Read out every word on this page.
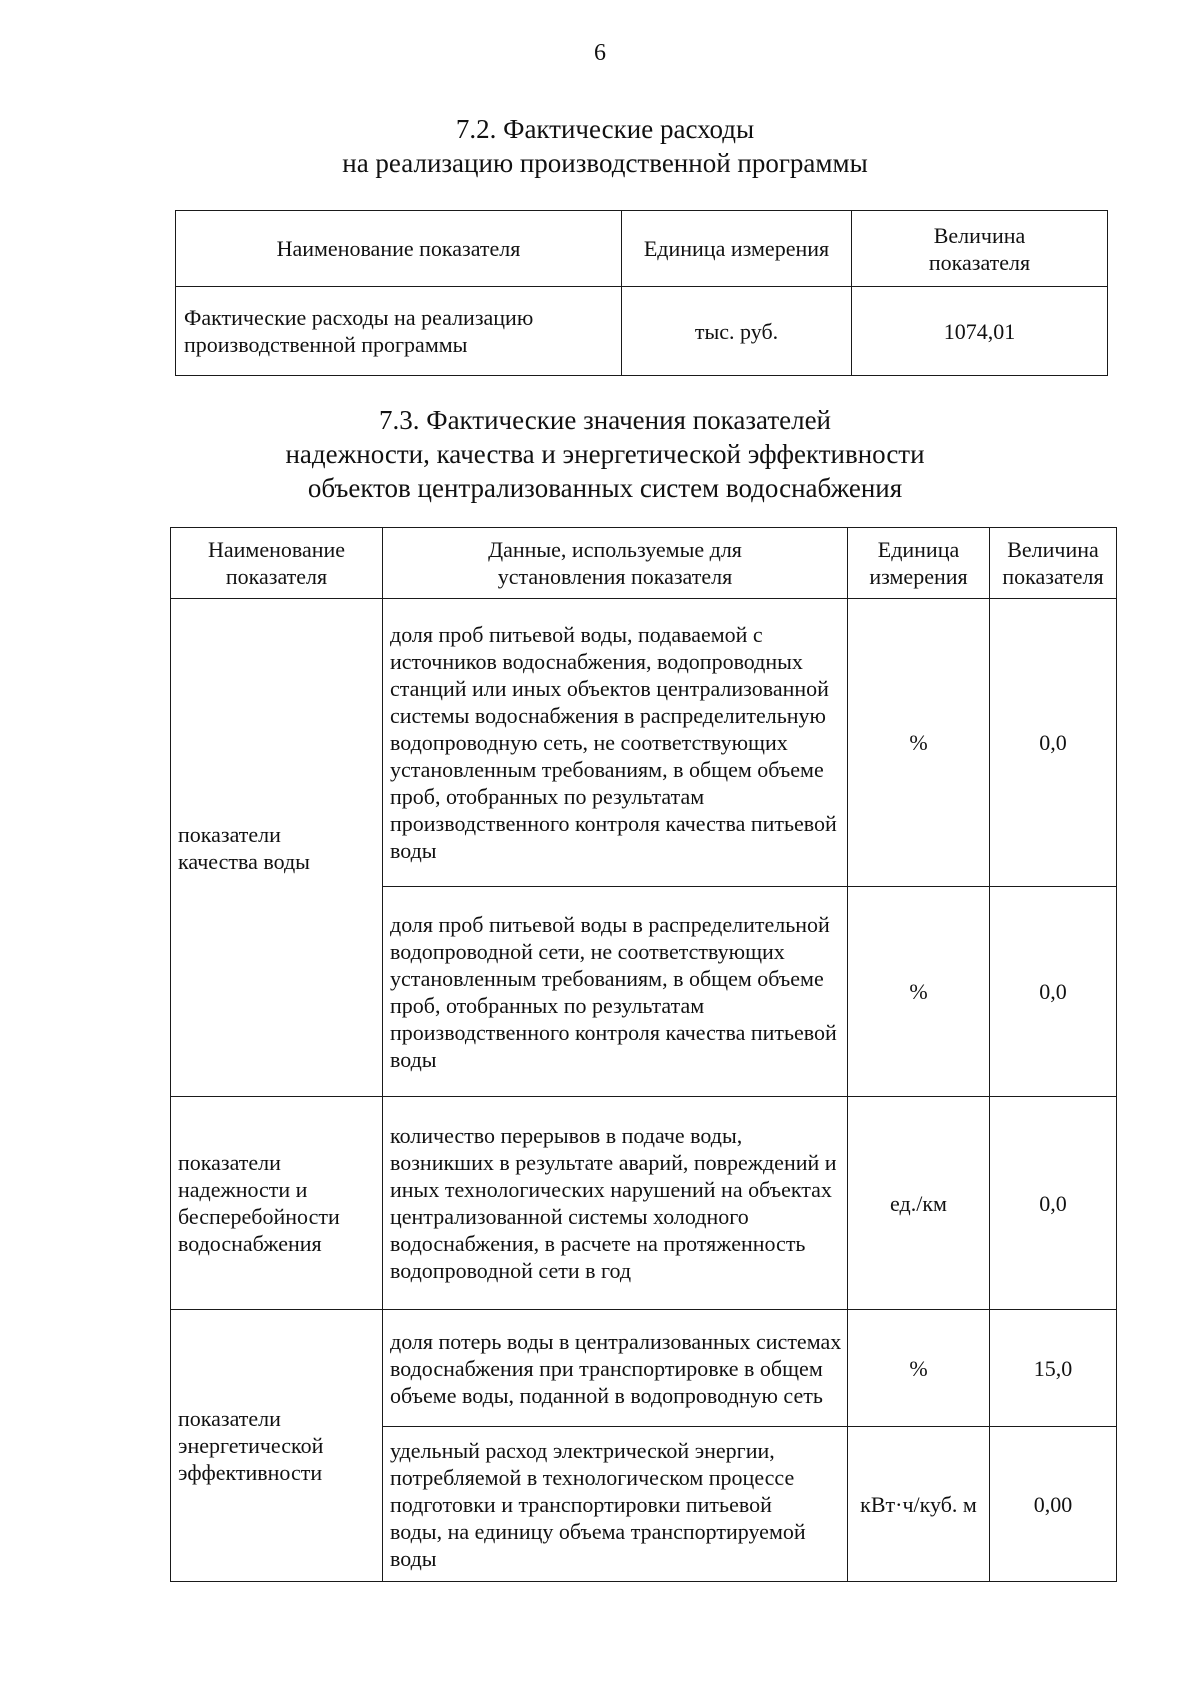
6
7.2. Фактические расходы
на реализацию производственной программы
Наименование показателя	Единица измерения	Величина показателя
Фактические расходы на реализацию производственной программы	тыс. руб.	1074,01
7.3. Фактические значения показателей
надежности, качества и энергетической эффективности
объектов централизованных систем водоснабжения
Наименование показателя	Данные, используемые для установления показателя	Единица измерения	Величина показателя
показатели качества воды	доля проб питьевой воды, подаваемой с источников водоснабжения, водопроводных станций или иных объектов централизованной системы водоснабжения в распределительную водопроводную сеть, не соответствующих установленным требованиям, в общем объеме проб, отобранных по результатам производственного контроля качества питьевой воды	%	0,0
	доля проб питьевой воды в распределительной водопроводной сети, не соответствующих установленным требованиям, в общем объеме проб, отобранных по результатам производственного контроля качества питьевой воды	%	0,0
показатели надежности и бесперебойности водоснабжения	количество перерывов в подаче воды, возникших в результате аварий, повреждений и иных технологических нарушений на объектах централизованной системы холодного водоснабжения, в расчете на протяженность водопроводной сети в год	ед./км	0,0
показатели энергетической эффективности	доля потерь воды в централизованных системах водоснабжения при транспортировке в общем объеме воды, поданной в водопроводную сеть	%	15,0
	удельный расход электрической энергии, потребляемой в технологическом процессе подготовки и транспортировки питьевой воды, на единицу объема транспортируемой воды	кВт·ч/куб. м	0,00
